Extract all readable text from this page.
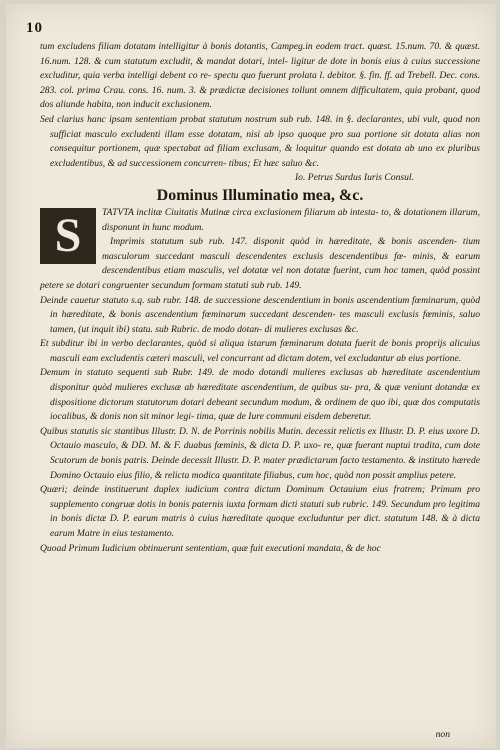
10

tum excludens filiam dotatam intelligitur à bonis dotantis, Campeg.in eodem tract. quæst. 15.num. 70. & quæst. 16.num. 128. & cum statutum excludit, & mandat dotari, intel- ligitur de dote in bonis eius à cuius successione excluditur, quia verba intelligi debent co re- spectu quo fuerunt prolata l. debitor. §. fin. ff. ad Trebell. Dec. cons. 283. col. prima Crau. cons. 16. num. 3. & prædictæ decisiones tollunt omnem difficultatem, quia probant, quod dos aliunde habita, non inducit exclusionem.

Sed clarius hanc ipsam sententiam probat statutum nostrum sub rub. 148. in §. declarantes, ubi vult, quod non sufficiat masculo excludenti illam esse dotatam, nisi ab ipso quoque pro sua portione sit dotata alias non consequitur portionem, quæ spectabat ad filiam exclusam, & loquitur quando est dotata ab uno ex pluribus excludentibus, & ad successionem concurren- tibus; Et hæc saluo &c.

Io. Petrus Surdus Iuris Consul.

Dominus Illuminatio mea, &c.

S	TATVTA inclitæ Ciuitatis Mutinæ circa exclusionem filiarum ab intesta- to, & dotationem illarum, disponunt in hunc modum.

Imprimis statutum sub rub. 147. disponit quòd in hæreditate, & bonis ascenden- tium masculorum succedant masculi descendentes exclusis descendentibus fœ- minis, & earum descendentibus etiam masculis, vel dotatæ vel non dotatæ fuerint, cum hoc tamen, quòd possint petere se dotari congruenter secundum formam statuti sub rub. 149.

Deinde cauetur statuto s.q. sub rubr. 148. de successione descendentium in bonis ascendentium fœminarum, quòd in hæreditate, & bonis ascendentium fœminarum succedant descenden- tes masculi exclusis fœminis, saluo tamen, (ut inquit ibi) statu. sub Rubric. de modo dotan- di mulieres exclusas &c.

Et subditur ibi in verbo declarantes, quòd si aliqua istarum fœminarum dotata fuerit de bonis proprijs alicuius masculi eam excludentis cæteri masculi, vel concurrant ad dictam dotem, vel excludantur ab eius portione.

Demum in statuto sequenti sub Rubr. 149. de modo dotandi mulieres exclusas ab hæreditate ascendentium disponitur quòd mulieres exclusæ ab hæreditate ascendentium, de quibus su- pra, & quæ veniunt dotandæ ex dispositione dictorum statutorum dotari debeant secundum modum, & ordinem de quo ibi, quæ dos computatis iocalibus, & donis non sit minor legi- tima, quæ de Iure communi eisdem deberetur.

Quibus statutis sic stantibus Illustr. D. N. de Porrinis nobilis Mutin. decessit relictis ex Illustr. D. P. eius uxore D. Octauio masculo, & DD. M. & F. duabus fœminis, & dicta D. P. uxo- re, quæ fuerant nuptui tradita, cum dote Scutorum de bonis patris. Deinde decessit Illustr. D. P. mater prædictarum facto testamento. & instituto hærede Domino Octauio eius filio, & relicta modica quantitate filiabus, cum hoc, quòd non possit amplius petere.

Quæri; deinde instituerunt duplex iudicium contra dictum Dominum Octauium eius fratrem; Primum pro supplemento congruæ dotis in bonis paternis iuxta formam dicti statuti sub rubric. 149. Secundum pro legitima in bonis dictæ D. P. earum matris à cuius hæreditate quoque excluduntur per dict. statutum 148. & à dicta earum Matre in eius testamento.

Quoad Primum Iudicium obtinuerunt sententiam, quæ fuit executioni mandata, & de hoc

non
